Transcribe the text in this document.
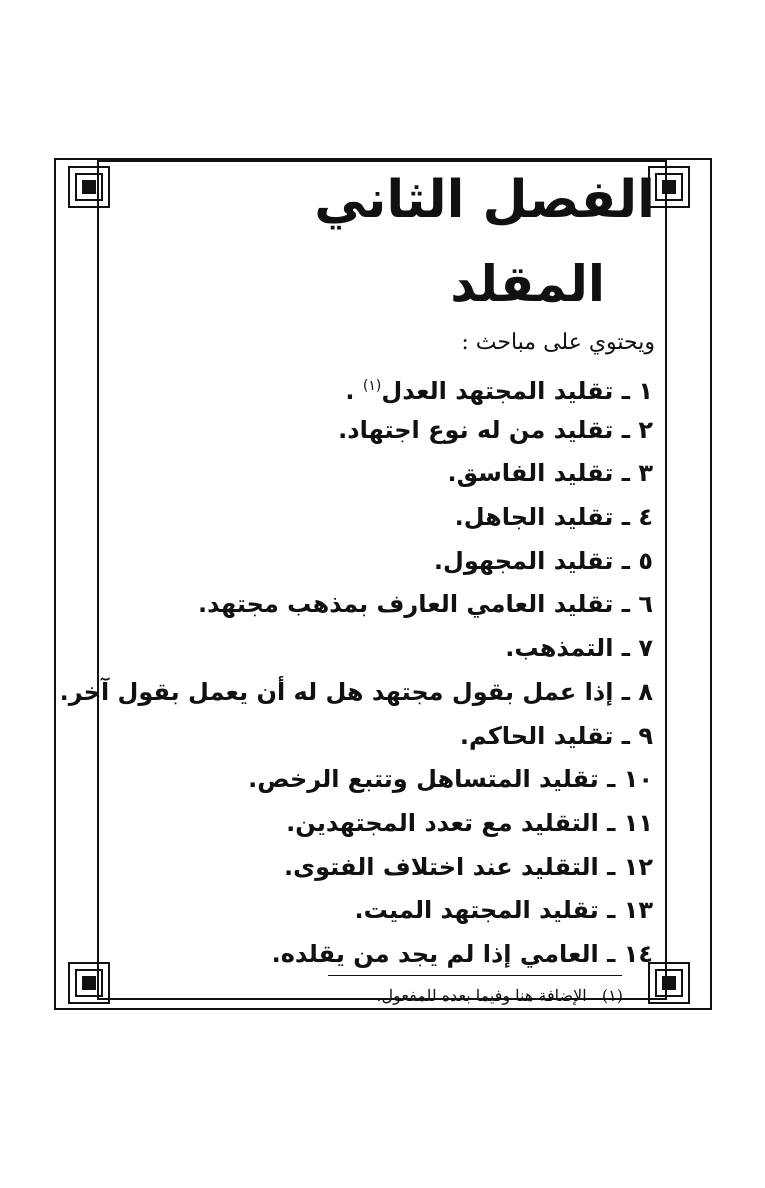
الفصل الثاني
المقلد
ويحتوي على مباحث :
١ ـ تقليد المجتهد العدل$^{(١)}$ .
٢ ـ تقليد من له نوع اجتهاد.
٣ ـ تقليد الفاسق.
٤ ـ تقليد الجاهل.
٥ ـ تقليد المجهول.
٦ ـ تقليد العامي العارف بمذهب مجتهد.
٧ ـ التمذهب.
٨ ـ إذا عمل بقول مجتهد هل له أن يعمل بقول آخر.
٩ ـ تقليد الحاكم.
١٠ ـ تقليد المتساهل وتتبع الرخص.
١١ ـ التقليد مع تعدد المجتهدين.
١٢ ـ التقليد عند اختلاف الفتوى.
١٣ ـ تقليد المجتهد الميت.
١٤ ـ العامي إذا لم يجد من يقلده.
(١)   الإضافة هنا وفيما بعده للمفعول.
